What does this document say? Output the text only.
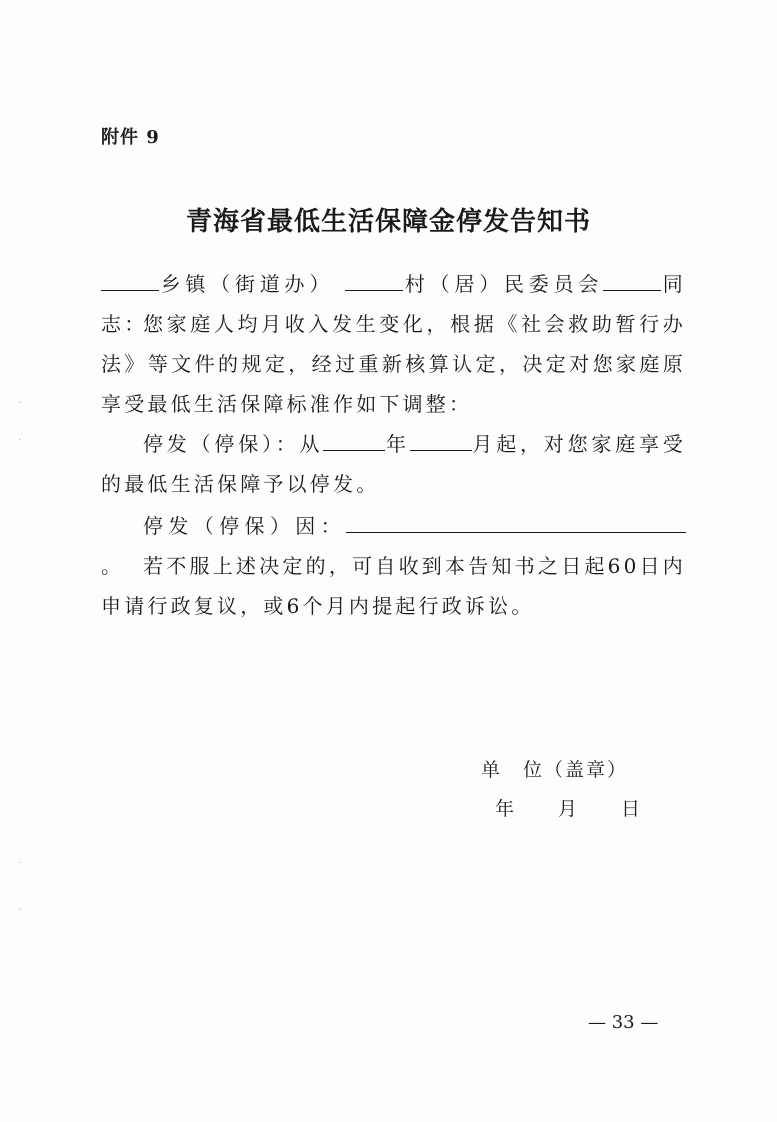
附件 9
青海省最低生活保障金停发告知书
乡镇（街道办）	村（居）民委员会	同志：
您家庭人均月收入发生变化，根据《社会救助暂行办法》等文件的规定，经过重新核算认定，决定对您家庭原享受最低生活保障标准作如下调整：
停发（停保）：从	年	月起，对您家庭享受的最低生活保障予以停发。
停发（停保）因：。 若不服上述决定的，可自收到本告知书之日起60日内申请行政复议，或6个月内提起行政诉讼。
单　位（盖章）
年　　月　　日
— 33 —
·
·
·
·
